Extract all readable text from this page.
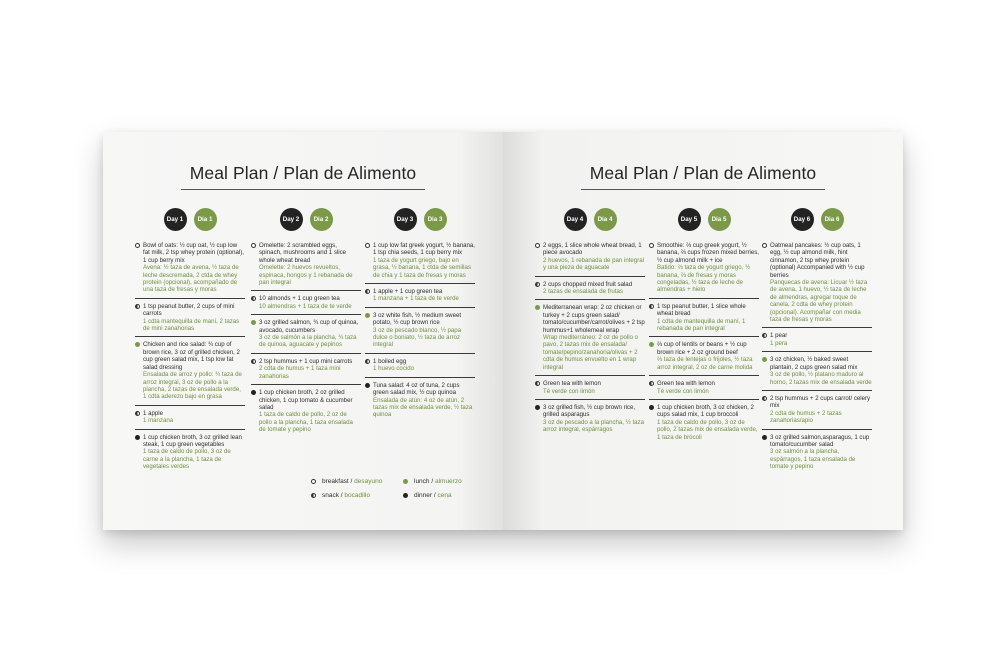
Meal Plan / Plan de Alimento
Day 1	Dia 1
Bowl of oats: ½ cup oat, ½ cup low fat milk, 2 tsp whey protein (optional), 1 cup berry mix
Avena: ½ taza de avena, ½ taza de leche descremada, 2 ctda de whey protein (opcional), acompañado de una taza de fresas y moras
1 tsp peanut butter, 2 cups of mini carrots
1 cdta mantequilla de maní, 2 tazas de mini zanahorias
Chicken and rice salad: ¾ cup of brown rice, 3 oz of grilled chicken, 2 cup green salad mix, 1 tsp low fat salad dressing
Ensalada de arroz y pollo: ¾ taza de arroz integral, 3 oz de pollo a la plancha, 2 tazas de ensalada verde, 1 cdta aderezo bajo en grasa
1 apple
1 manzana
1 cup chicken broth, 3 oz grilled lean steak, 1 cup green vegetables
1 taza de caldo de pollo, 3 oz de carne a la plancha, 1 taza de vegetales verdes
Day 2	Dia 2
Omelette: 2 scrambled eggs, spinach, mushrooms and 1 slice whole wheat bread
Omelette: 2 huevos revueltos, espinaca, hongos y 1 rebanada de pan integral
10 almonds + 1 cup green tea
10 almendras + 1 taza de te verde
3 oz grilled salmon, ¾ cup of quinoa, avocado, cucumbers
3 oz de salmón a la plancha, ¾ taza de quinoa, aguacate y pepinos
2 tsp hummus + 1 cup mini carrots
2 cdta de humus + 1 taza mini zanahorias
1 cup chicken broth, 2 oz grilled chicken, 1 cup tomato & cucumber salad
1 taza de caldo de pollo, 2 oz de pollo a la plancha, 1 taza ensalada de tomate y pepino
Day 3	Dia 3
1 cup low fat greek yogurt, ½ banana, 1 tsp chia seeds, 1 cup berry mix
1 taza de yogurt griego, bajo en grasa, ½ banana, 1 ctda de semillas de chia y 1 taza de fresas y moras
1 apple + 1 cup green tea
1 manzana + 1 taza de te verde
3 oz white fish, ½ medium sweet potato, ½ cup brown rice
3 oz de pescado blanco, ½ papa dulce o boniato, ½ taza de arroz integral
1 boiled egg
1 huevo cocido
Tuna salad: 4 oz of tuna, 2 cups green salad mix, ½ cup quinoa
Ensalada de atún: 4 oz de atún, 2 tazas mix de ensalada verde, ½ taza quinoa
breakfast / desayuno	lunch / almuerzo
snack / bocadillo	dinner / cena
Meal Plan / Plan de Alimento
Day 4	Dia 4
2 eggs, 1 slice whole wheat bread, 1 piece avocado
2 huevos, 1 rebanada de pan integral y una pieza de aguacate
2 cups chopped mixed fruit salad
2 tazas de ensalada de frutas
Mediterranean wrap: 2 oz chicken or turkey + 2 cups green salad/ tomato/cucumber/carrot/olives + 2 tsp hummus+1 wholemeal wrap
Wrap mediterráneo: 2 oz de pollo o pavo, 2 tazas mix de ensalada/ tomate/pepino/zanahoria/olivas + 2 cdta de humus envuelto en 1 wrap integral
Green tea with lemon
Té verde con limón
3 oz grilled fish, ½ cup brown rice, grilled asparagus
3 oz de pescado a la plancha, ½ taza arroz integral, espárragos
Day 5	Dia 5
Smoothie: ⅔ cup greek yogurt, ½ banana, ⅔ cups frozen mixed berries, ½ cup almond milk + ice
Batido: ⅔ taza de yogurt griego, ½ banana, ⅔ de fresas y moras congeladas, ½ taza de leche de almendras + hielo
1 tsp peanut butter, 1 slice whole wheat bread
1 cdta de mantequilla de maní, 1 rebanada de pan integral
⅔ cup of lentils or beans + ½ cup brown rice + 2 oz ground beef
⅔ taza de lentejas o frijoles, ½ taza arroz integral, 2 oz de carne molida
Green tea with lemon
Té verde con limón
1 cup chicken broth, 3 oz chicken, 2 cups salad mix, 1 cup broccoli
1 taza de caldo de pollo, 3 oz de pollo, 2 tazas mix de ensalada verde, 1 taza de brócoli
Day 6	Dia 6
Oatmeal pancakes: ½ cup oats, 1 egg, ½ cup almond milk, hint cinnamon, 2 tsp whey protein (optional) Accompanied with ½ cup berries
Panquecas de avena: Licuar ½ taza de avena, 1 huevo, ½ taza de leche de almendras, agregar toque de canela, 2 cdta de whey protein (opcional). Acompañar con media taza de fresas y moras
1 pear
1 pera
3 oz chicken, ½ baked sweet plantain, 2 cups green salad mix
3 oz de pollo, ½ platano maduro al horno, 2 tazas mix de ensalada verde
2 tsp hummus + 2 cups carrot/ celery mix
2 cdta de humus + 2 tazas zanahorias/apio
3 oz grilled salmon,asparagus, 1 cup tomato/cucumber salad
3 oz salmón a la plancha, espárragos, 1 taza ensalada de tomate y pepino
